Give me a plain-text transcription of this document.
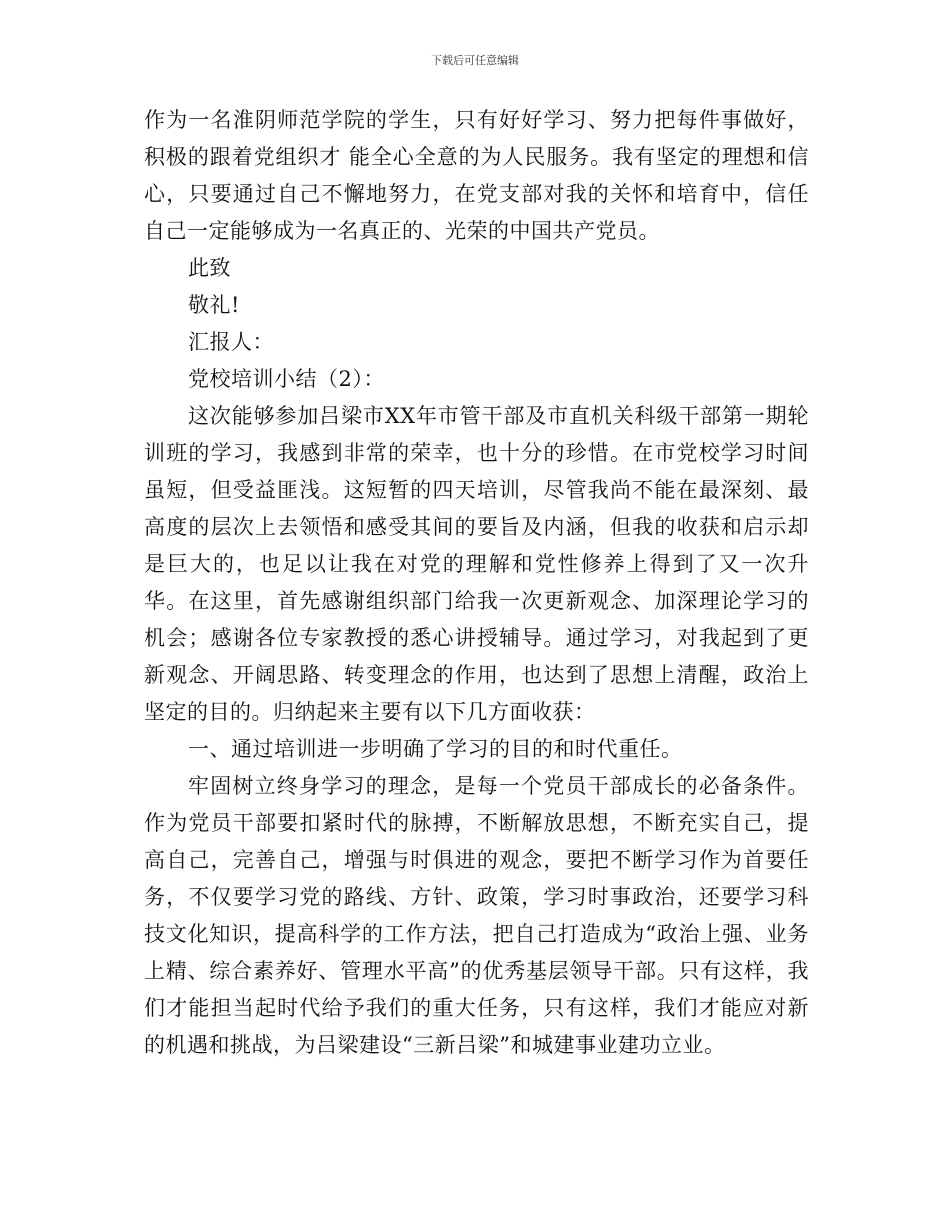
下载后可任意编辑

作为一名淮阴师范学院的学生，只有好好学习、努力把每件事做好，积极的跟着党组织才 能全心全意的为人民服务。我有坚定的理想和信心，只要通过自己不懈地努力，在党支部对我的关怀和培育中，信任自己一定能够成为一名真正的、光荣的中国共产党员。

此致

敬礼!

汇报人：

党校培训小结（2）：

这次能够参加吕梁市XX年市管干部及市直机关科级干部第一期轮训班的学习，我感到非常的荣幸，也十分的珍惜。在市党校学习时间虽短，但受益匪浅。这短暂的四天培训，尽管我尚不能在最深刻、最高度的层次上去领悟和感受其间的要旨及内涵，但我的收获和启示却是巨大的，也足以让我在对党的理解和党性修养上得到了又一次升华。在这里，首先感谢组织部门给我一次更新观念、加深理论学习的机会；感谢各位专家教授的悉心讲授辅导。通过学习，对我起到了更新观念、开阔思路、转变理念的作用，也达到了思想上清醒，政治上坚定的目的。归纳起来主要有以下几方面收获：

一、通过培训进一步明确了学习的目的和时代重任。

牢固树立终身学习的理念，是每一个党员干部成长的必备条件。作为党员干部要扣紧时代的脉搏，不断解放思想，不断充实自己，提高自己，完善自己，增强与时俱进的观念，要把不断学习作为首要任务，不仅要学习党的路线、方针、政策，学习时事政治，还要学习科技文化知识，提高科学的工作方法，把自己打造成为“政治上强、业务上精、综合素养好、管理水平高”的优秀基层领导干部。只有这样，我们才能担当起时代给予我们的重大任务，只有这样，我们才能应对新的机遇和挑战，为吕梁建设“三新吕梁”和城建事业建功立业。
